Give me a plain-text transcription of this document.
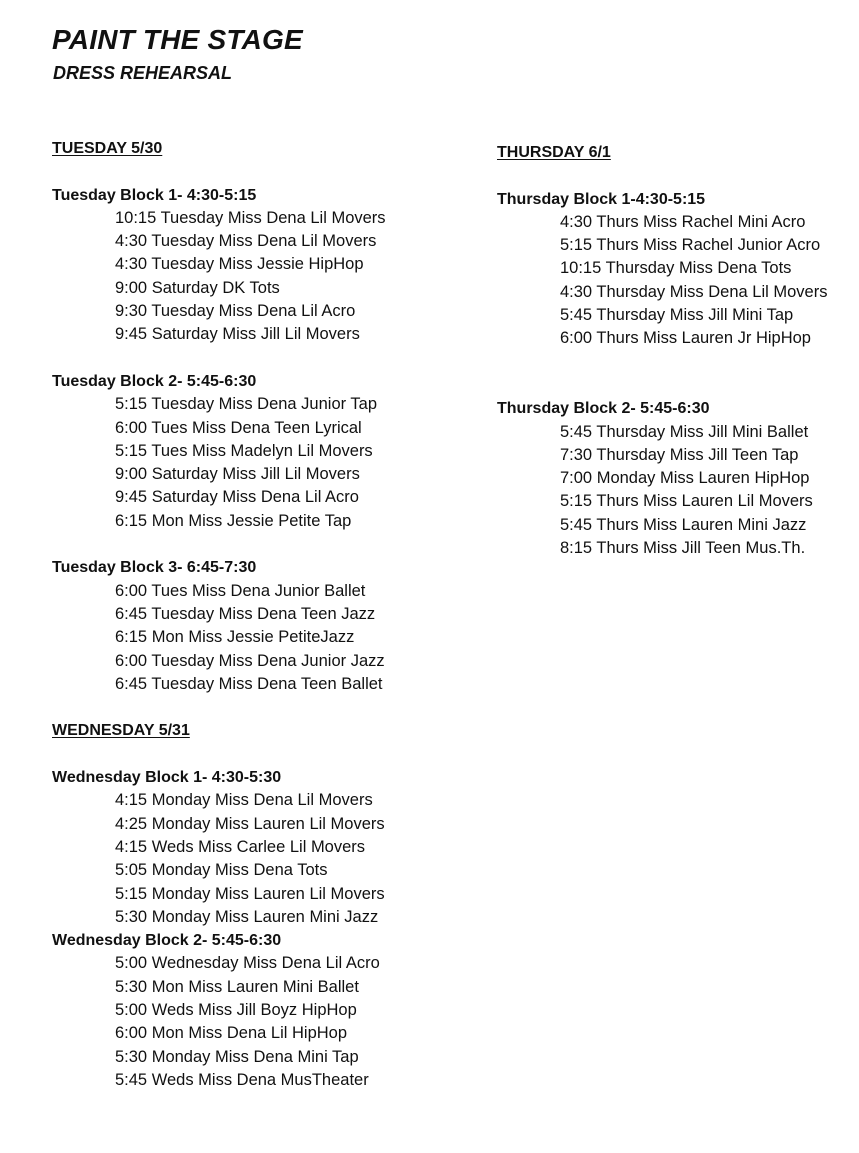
PAINT THE STAGE
DRESS REHEARSAL
TUESDAY 5/30
Tuesday Block 1- 4:30-5:15
10:15 Tuesday Miss Dena Lil Movers
4:30 Tuesday Miss Dena Lil Movers
4:30 Tuesday Miss Jessie HipHop
9:00 Saturday DK Tots
9:30 Tuesday Miss Dena Lil Acro
9:45 Saturday Miss Jill Lil Movers
Tuesday Block 2- 5:45-6:30
5:15 Tuesday Miss Dena Junior Tap
6:00 Tues Miss Dena Teen Lyrical
5:15 Tues Miss Madelyn Lil Movers
9:00 Saturday Miss Jill Lil Movers
9:45 Saturday Miss Dena Lil Acro
6:15 Mon Miss Jessie Petite Tap
Tuesday Block 3- 6:45-7:30
6:00 Tues Miss Dena Junior Ballet
6:45 Tuesday Miss Dena Teen Jazz
6:15 Mon Miss Jessie PetiteJazz
6:00 Tuesday Miss Dena Junior Jazz
6:45 Tuesday Miss Dena Teen Ballet
WEDNESDAY 5/31
Wednesday Block 1- 4:30-5:30
4:15 Monday Miss Dena Lil Movers
4:25 Monday Miss Lauren Lil Movers
4:15 Weds Miss Carlee Lil Movers
5:05 Monday Miss Dena Tots
5:15 Monday Miss Lauren Lil Movers
5:30 Monday Miss Lauren Mini Jazz
Wednesday Block 2- 5:45-6:30
5:00 Wednesday Miss Dena Lil Acro
5:30 Mon Miss Lauren Mini Ballet
5:00 Weds Miss Jill Boyz HipHop
6:00 Mon Miss Dena Lil HipHop
5:30 Monday Miss Dena Mini Tap
5:45 Weds Miss Dena MusTheater
THURSDAY 6/1
Thursday Block 1-4:30-5:15
4:30 Thurs Miss Rachel Mini Acro
5:15 Thurs Miss Rachel Junior Acro
10:15 Thursday Miss Dena Tots
4:30 Thursday Miss Dena Lil Movers
5:45 Thursday Miss Jill Mini Tap
6:00 Thurs Miss Lauren Jr HipHop
Thursday Block 2- 5:45-6:30
5:45 Thursday Miss Jill Mini Ballet
7:30 Thursday Miss Jill Teen Tap
7:00 Monday Miss Lauren HipHop
5:15 Thurs Miss Lauren Lil Movers
5:45 Thurs Miss Lauren Mini Jazz
8:15 Thurs Miss Jill Teen Mus.Th.
